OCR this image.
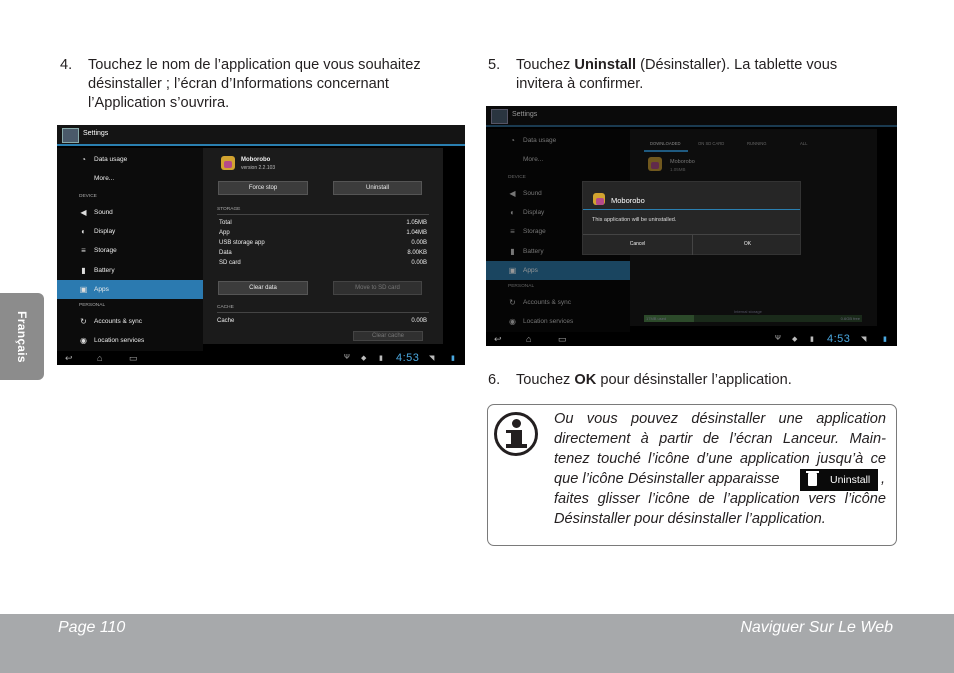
Français
4. Touchez le nom de l’application que vous souhaitez
désinstaller ; l’écran d’Informations concernant
l’Application s’ouvrira.
Settings
◔	Data usage
More...
DEVICE
◀ Sound
◐	Display
≡	Storage
▮	Battery
▣ Apps
PERSONAL
↻ Accounts & sync
◉ Location services
Moborobo
version 2.2.103
Force stop	Uninstall
STORAGE
Total	1.05MB
App	1.04MB
USB storage app	0.00B
Data	8.00KB
SD card	0.00B
Clear data	Move to SD card
CACHE
Cache	0.00B
Clear cache
↩	⌂	▭	Ψ ◆ ▮ 4:53 ◥ ▮
5. Touchez Uninstall (Désinstaller). La tablette vous
invitera à confirmer.
Settings
◔	Data usage
More...
DEVICE
◀ Sound
◐	Display
≡	Storage
▮	Battery
▣ Apps
PERSONAL
↻ Accounts & sync
◉ Location services
DOWNLOADED	ON SD CARD	RUNNING	ALL
Moborobo
1.05MB
17MB used
Internal storage
0.6GB free
Moborobo
This application will be uninstalled.
Cancel	OK
↩	⌂	▭	Ψ ◆ ▮ 4:53 ◥ ▮
6. Touchez OK pour désinstaller l’application.
Ou vous pouvez désinstaller une application
directement à partir de l’écran Lanceur. Main-
tenez touché l’icône d’une application jusqu’à ce
que l’icône Désinstaller apparaisse	Uninstall ,
faites glisser l’icône de l’application vers l’icône
Désinstaller pour désinstaller l’application.
Page 110	Naviguer Sur Le Web
